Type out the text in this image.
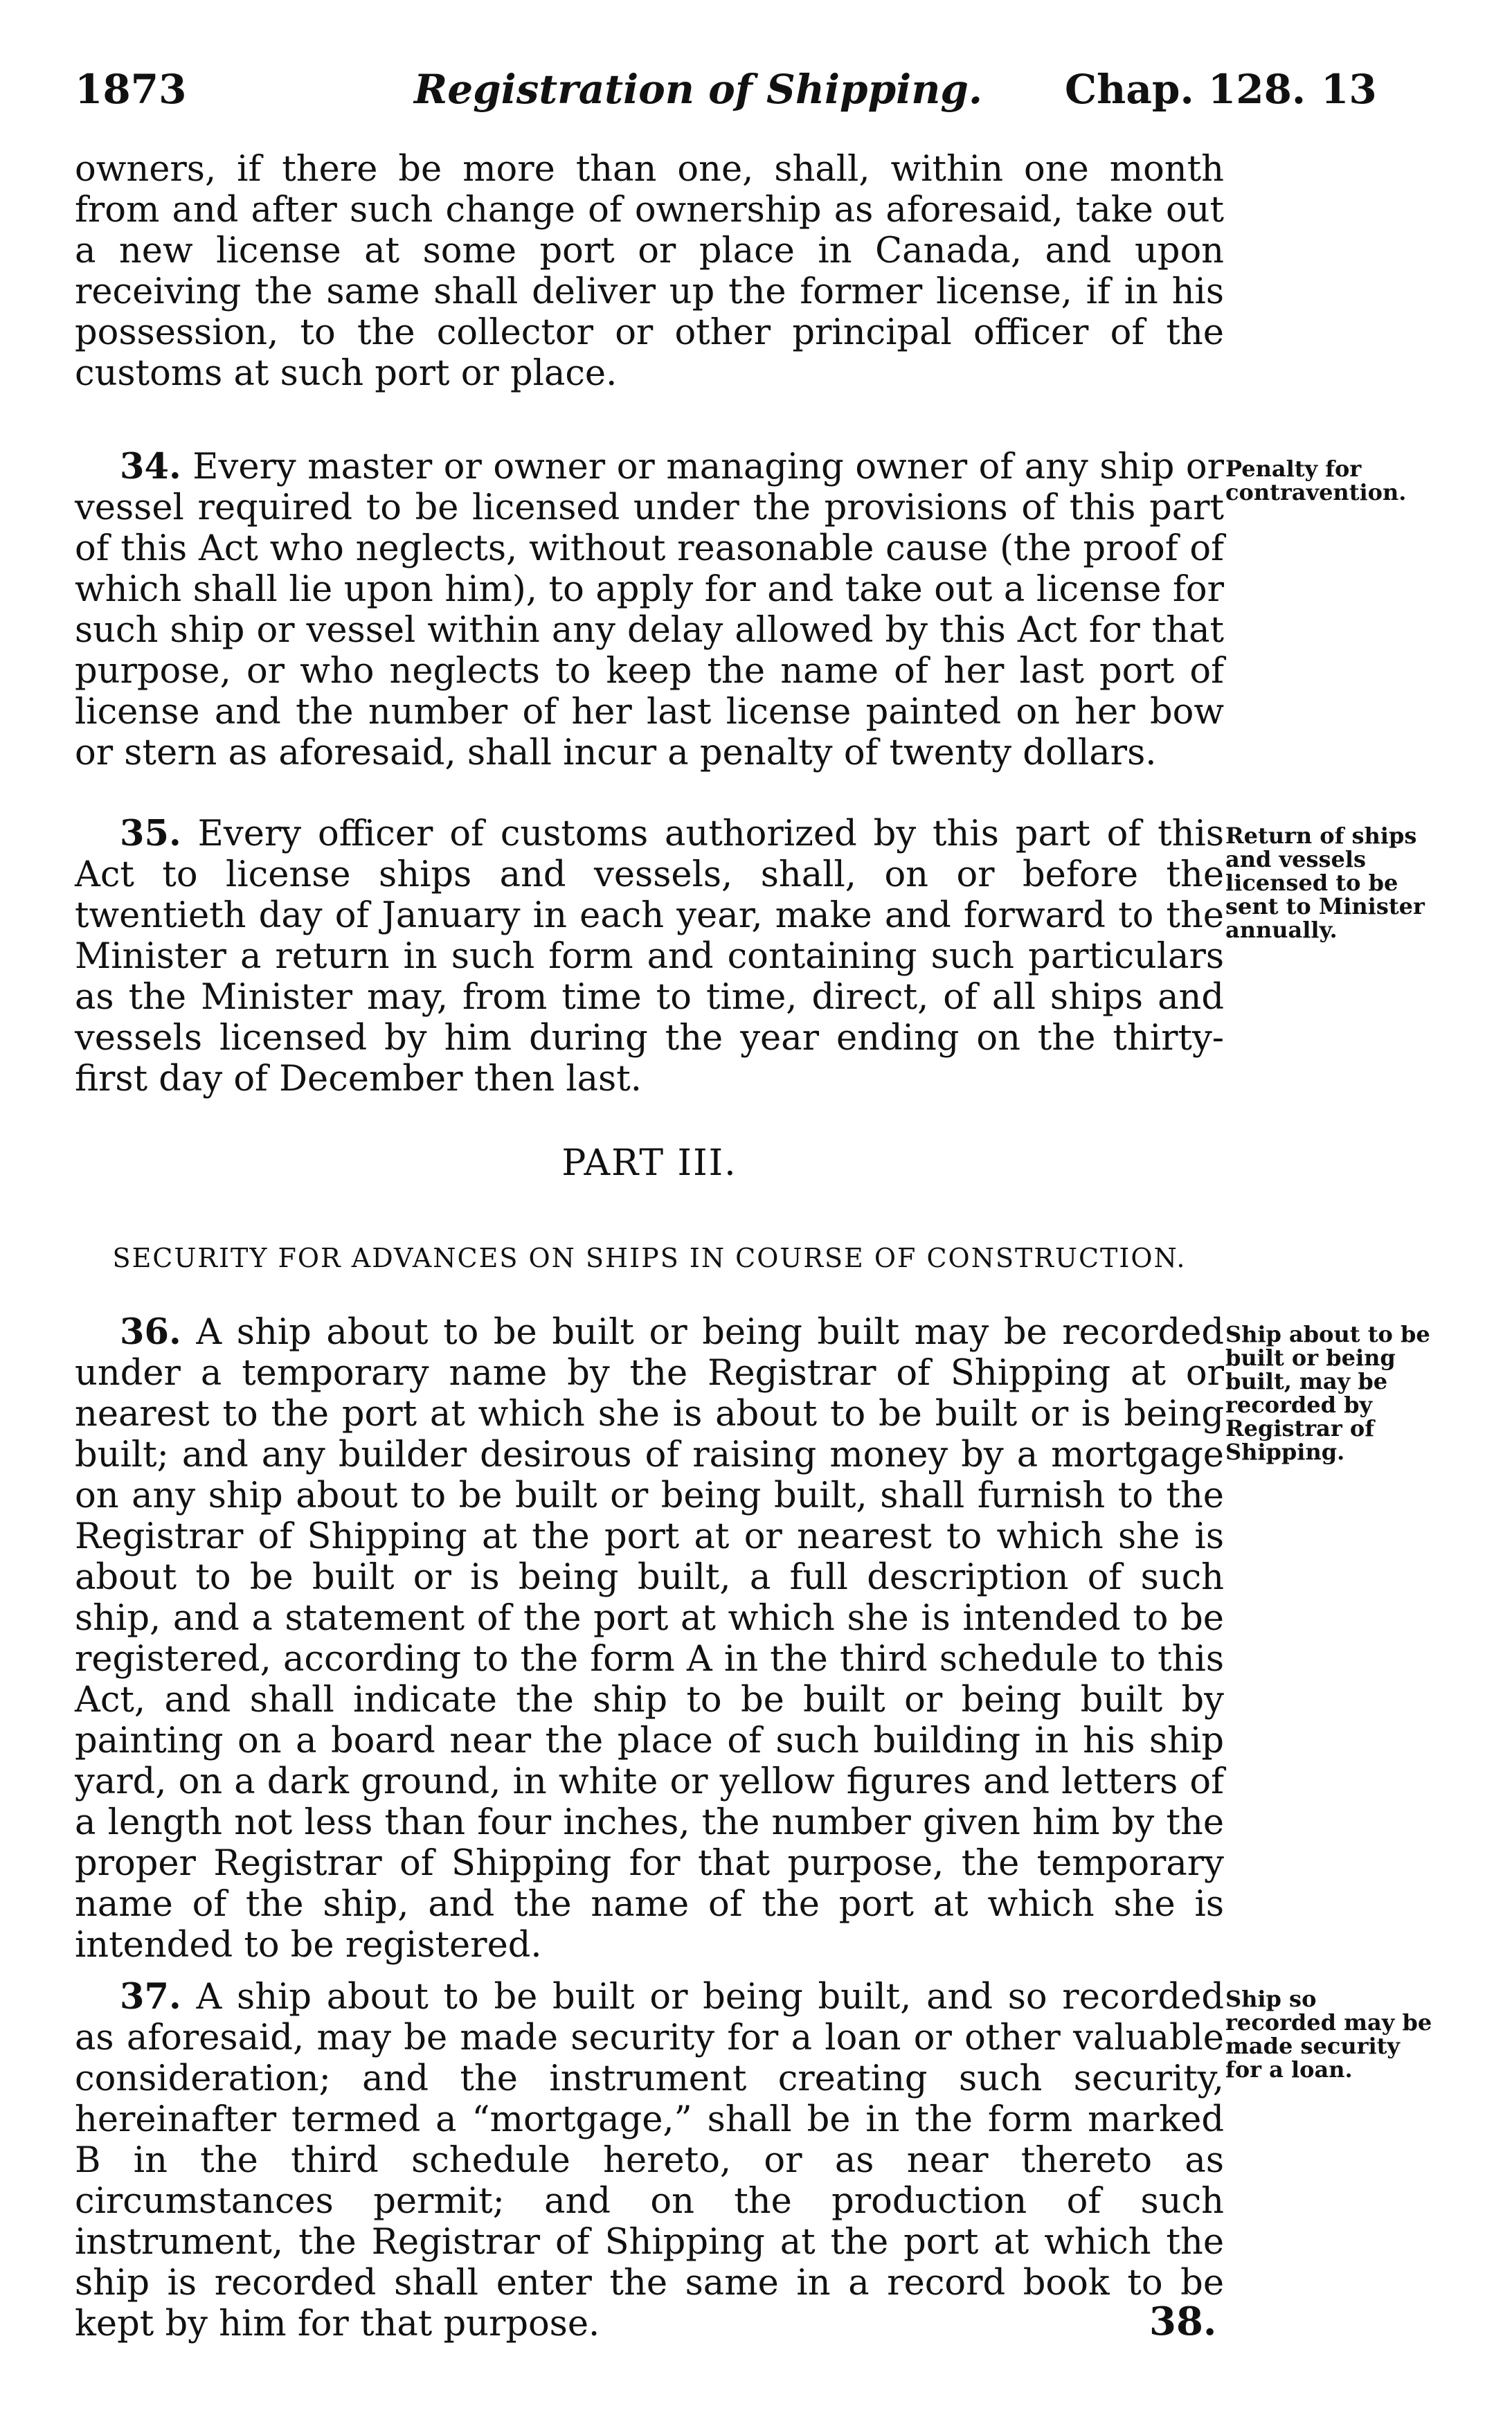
1873	Registration of Shipping. Chap. 128. 13

owners, if there be more than one, shall, within one month from and after such change of ownership as aforesaid, take out a new license at some port or place in Canada, and upon receiving the same shall deliver up the former license, if in his possession, to the collector or other principal officer of the customs at such port or place.

34. Every master or owner or managing owner of any ship or vessel required to be licensed under the provisions of this part of this Act who neglects, without reasonable cause (the proof of which shall lie upon him), to apply for and take out a license for such ship or vessel within any delay allowed by this Act for that purpose, or who neglects to keep the name of her last port of license and the number of her last license painted on her bow or stern as aforesaid, shall incur a penalty of twenty dollars.

Penalty for contravention.

35. Every officer of customs authorized by this part of this Act to license ships and vessels, shall, on or before the twentieth day of January in each year, make and forward to the Minister a return in such form and containing such particulars as the Minister may, from time to time, direct, of all ships and vessels licensed by him during the year ending on the thirty-first day of December then last.

Return of ships and vessels licensed to be sent to Minister annually.
PART III.
SECURITY FOR ADVANCES ON SHIPS IN COURSE OF CONSTRUCTION.

36. A ship about to be built or being built may be recorded under a temporary name by the Registrar of Shipping at or nearest to the port at which she is about to be built or is being built; and any builder desirous of raising money by a mortgage on any ship about to be built or being built, shall furnish to the Registrar of Shipping at the port at or nearest to which she is about to be built or is being built, a full description of such ship, and a statement of the port at which she is intended to be registered, according to the form A in the third schedule to this Act, and shall indicate the ship to be built or being built by painting on a board near the place of such building in his ship yard, on a dark ground, in white or yellow figures and letters of a length not less than four inches, the number given him by the proper Registrar of Shipping for that purpose, the temporary name of the ship, and the name of the port at which she is intended to be registered.

Ship about to be built or being built, may be recorded by Registrar of Shipping.

37. A ship about to be built or being built, and so recorded as aforesaid, may be made security for a loan or other valuable consideration; and the instrument creating such security, hereinafter termed a “mortgage,” shall be in the form marked B in the third schedule hereto, or as near thereto as circumstances permit; and on the production of such instrument, the Registrar of Shipping at the port at which the ship is recorded shall enter the same in a record book to be kept by him for that purpose.

Ship so recorded may be made security for a loan.
38.
